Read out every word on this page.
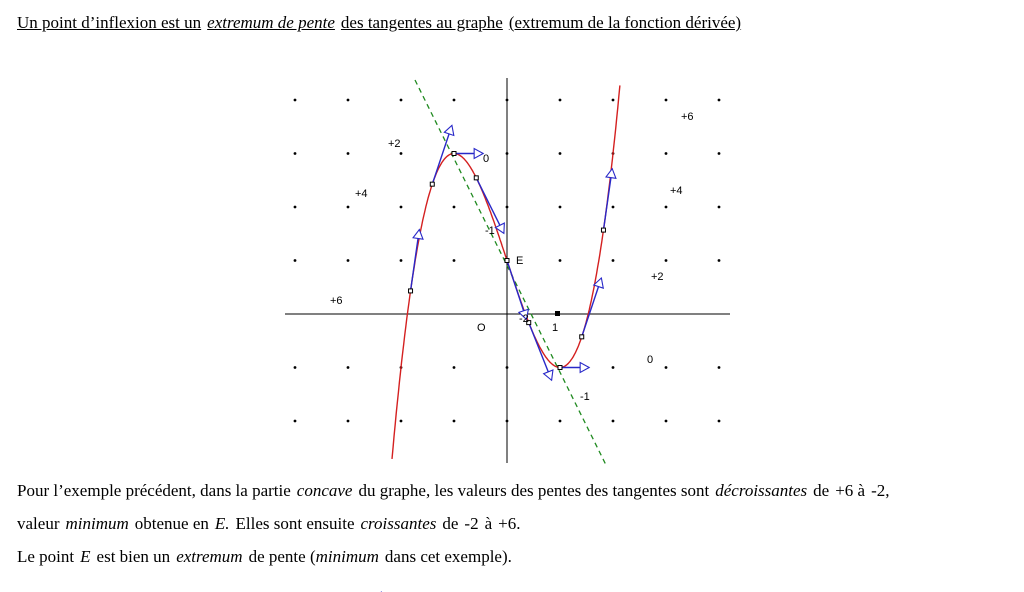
Un point d’inflexion est un extremum de pente des tangentes au graphe (extremum de la fonction dérivée)
O	1
E
+6
+4
+2
0
-1
-2
-1
0
+2
+4
+6
Pour l’exemple précédent, dans la partie concave du graphe, les valeurs des pentes des tangentes sont décroissantes de +6 à -2,
valeur minimum obtenue en E. Elles sont ensuite croissantes de -2 à +6.
Le point E est bien un extremum de pente (minimum dans cet exemple).
